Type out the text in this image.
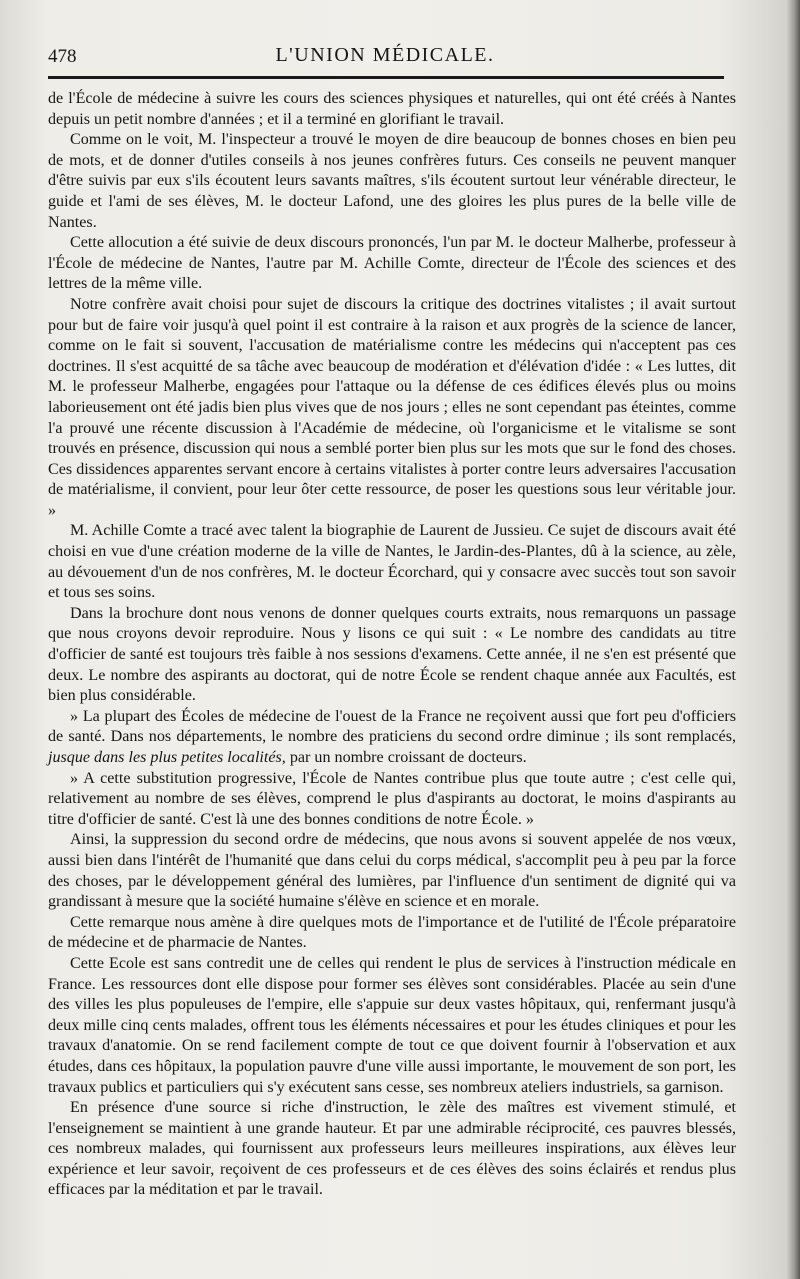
478	L'UNION MÉDICALE.

de l'École de médecine à suivre les cours des sciences physiques et naturelles, qui ont été créés à Nantes depuis un petit nombre d'années ; et il a terminé en glorifiant le travail.

Comme on le voit, M. l'inspecteur a trouvé le moyen de dire beaucoup de bonnes choses en bien peu de mots, et de donner d'utiles conseils à nos jeunes confrères futurs. Ces conseils ne peuvent manquer d'être suivis par eux s'ils écoutent leurs savants maîtres, s'ils écoutent surtout leur vénérable directeur, le guide et l'ami de ses élèves, M. le docteur Lafond, une des gloires les plus pures de la belle ville de Nantes.

Cette allocution a été suivie de deux discours prononcés, l'un par M. le docteur Malherbe, professeur à l'École de médecine de Nantes, l'autre par M. Achille Comte, directeur de l'École des sciences et des lettres de la même ville.

Notre confrère avait choisi pour sujet de discours la critique des doctrines vitalistes ; il avait surtout pour but de faire voir jusqu'à quel point il est contraire à la raison et aux progrès de la science de lancer, comme on le fait si souvent, l'accusation de matérialisme contre les médecins qui n'acceptent pas ces doctrines. Il s'est acquitté de sa tâche avec beaucoup de modération et d'élévation d'idée : « Les luttes, dit M. le professeur Malherbe, engagées pour l'attaque ou la défense de ces édifices élevés plus ou moins laborieusement ont été jadis bien plus vives que de nos jours ; elles ne sont cependant pas éteintes, comme l'a prouvé une récente discussion à l'Académie de médecine, où l'organicisme et le vitalisme se sont trouvés en présence, discussion qui nous a semblé porter bien plus sur les mots que sur le fond des choses. Ces dissidences apparentes servant encore à certains vitalistes à porter contre leurs adversaires l'accusation de matérialisme, il convient, pour leur ôter cette ressource, de poser les questions sous leur véritable jour. »

M. Achille Comte a tracé avec talent la biographie de Laurent de Jussieu. Ce sujet de discours avait été choisi en vue d'une création moderne de la ville de Nantes, le Jardin-des-Plantes, dû à la science, au zèle, au dévouement d'un de nos confrères, M. le docteur Écorchard, qui y consacre avec succès tout son savoir et tous ses soins.

Dans la brochure dont nous venons de donner quelques courts extraits, nous remarquons un passage que nous croyons devoir reproduire. Nous y lisons ce qui suit : « Le nombre des candidats au titre d'officier de santé est toujours très faible à nos sessions d'examens. Cette année, il ne s'en est présenté que deux. Le nombre des aspirants au doctorat, qui de notre École se rendent chaque année aux Facultés, est bien plus considérable.

» La plupart des Écoles de médecine de l'ouest de la France ne reçoivent aussi que fort peu d'officiers de santé. Dans nos départements, le nombre des praticiens du second ordre diminue ; ils sont remplacés, jusque dans les plus petites localités, par un nombre croissant de docteurs.

» A cette substitution progressive, l'École de Nantes contribue plus que toute autre ; c'est celle qui, relativement au nombre de ses élèves, comprend le plus d'aspirants au doctorat, le moins d'aspirants au titre d'officier de santé. C'est là une des bonnes conditions de notre École. »

Ainsi, la suppression du second ordre de médecins, que nous avons si souvent appelée de nos vœux, aussi bien dans l'intérêt de l'humanité que dans celui du corps médical, s'accomplit peu à peu par la force des choses, par le développement général des lumières, par l'influence d'un sentiment de dignité qui va grandissant à mesure que la société humaine s'élève en science et en morale.

Cette remarque nous amène à dire quelques mots de l'importance et de l'utilité de l'École préparatoire de médecine et de pharmacie de Nantes.

Cette Ecole est sans contredit une de celles qui rendent le plus de services à l'instruction médicale en France. Les ressources dont elle dispose pour former ses élèves sont considérables. Placée au sein d'une des villes les plus populeuses de l'empire, elle s'appuie sur deux vastes hôpitaux, qui, renfermant jusqu'à deux mille cinq cents malades, offrent tous les éléments nécessaires et pour les études cliniques et pour les travaux d'anatomie. On se rend facilement compte de tout ce que doivent fournir à l'observation et aux études, dans ces hôpitaux, la population pauvre d'une ville aussi importante, le mouvement de son port, les travaux publics et particuliers qui s'y exécutent sans cesse, ses nombreux ateliers industriels, sa garnison.

En présence d'une source si riche d'instruction, le zèle des maîtres est vivement stimulé, et l'enseignement se maintient à une grande hauteur. Et par une admirable réciprocité, ces pauvres blessés, ces nombreux malades, qui fournissent aux professeurs leurs meilleures inspirations, aux élèves leur expérience et leur savoir, reçoivent de ces professeurs et de ces élèves des soins éclairés et rendus plus efficaces par la méditation et par le travail.
